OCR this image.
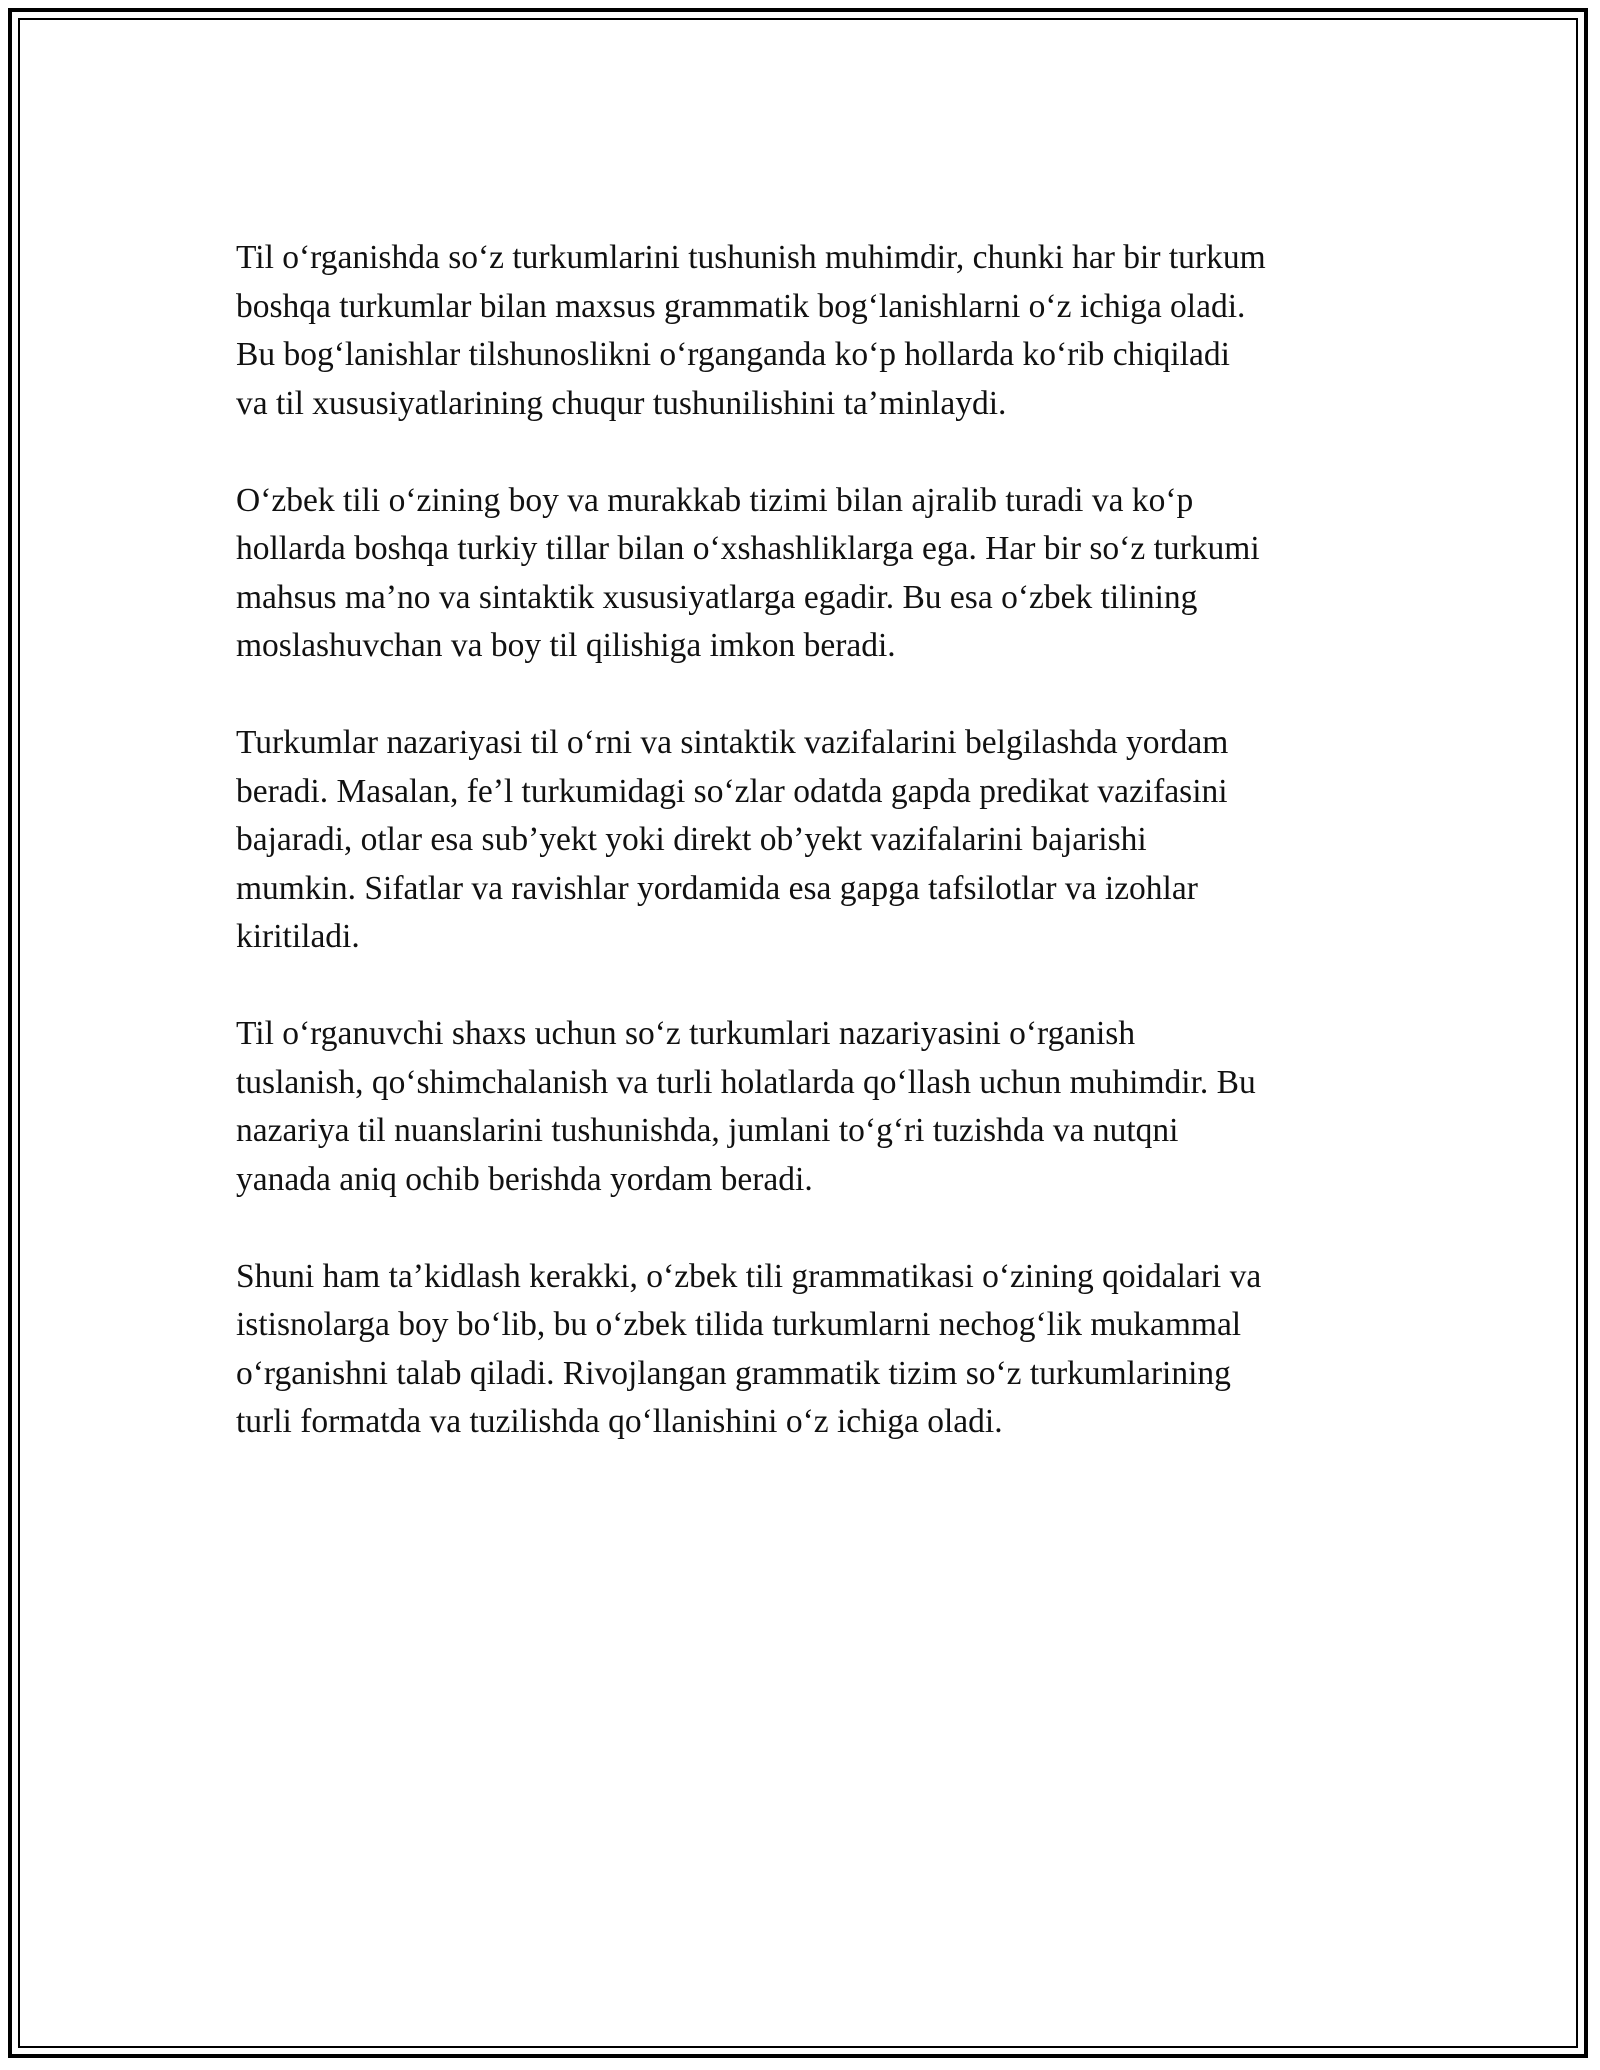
Til oʻrganishda soʻz turkumlarini tushunish muhimdir, chunki har bir turkum
boshqa turkumlar bilan maxsus grammatik bogʻlanishlarni oʻz ichiga oladi.
Bu bogʻlanishlar tilshunoslikni oʻrganganda koʻp hollarda koʻrib chiqiladi
va til xususiyatlarining chuqur tushunilishini taʼminlaydi.

Oʻzbek tili oʻzining boy va murakkab tizimi bilan ajralib turadi va koʻp
hollarda boshqa turkiy tillar bilan oʻxshashliklarga ega. Har bir soʻz turkumi
mahsus maʼno va sintaktik xususiyatlarga egadir. Bu esa oʻzbek tilining
moslashuvchan va boy til qilishiga imkon beradi.

Turkumlar nazariyasi til oʻrni va sintaktik vazifalarini belgilashda yordam
beradi. Masalan, feʼl turkumidagi soʻzlar odatda gapda predikat vazifasini
bajaradi, otlar esa subʼyekt yoki direkt obʼyekt vazifalarini bajarishi
mumkin. Sifatlar va ravishlar yordamida esa gapga tafsilotlar va izohlar
kiritiladi.

Til oʻrganuvchi shaxs uchun soʻz turkumlari nazariyasini oʻrganish
tuslanish, qoʻshimchalanish va turli holatlarda qoʻllash uchun muhimdir. Bu
nazariya til nuanslarini tushunishda, jumlani toʻgʻri tuzishda va nutqni
yanada aniq ochib berishda yordam beradi.

Shuni ham taʼkidlash kerakki, oʻzbek tili grammatikasi oʻzining qoidalari va
istisnolarga boy boʻlib, bu oʻzbek tilida turkumlarni nechogʻlik mukammal
oʻrganishni talab qiladi. Rivojlangan grammatik tizim soʻz turkumlarining
turli formatda va tuzilishda qoʻllanishini oʻz ichiga oladi.
